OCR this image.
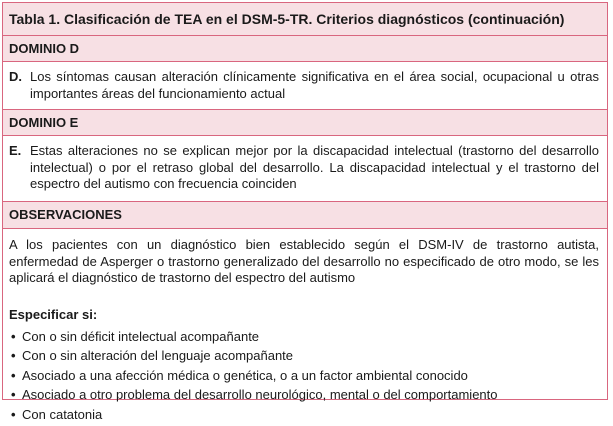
Tabla 1. Clasificación de TEA en el DSM-5-TR. Criterios diagnósticos (continuación)
DOMINIO D
D. Los síntomas causan alteración clínicamente significativa en el área social, ocupacional u otras importantes áreas del funcionamiento actual
DOMINIO E
E. Estas alteraciones no se explican mejor por la discapacidad intelectual (trastorno del desarrollo intelectual) o por el retraso global del desarrollo. La discapacidad intelectual y el trastorno del espectro del autismo con frecuencia coinciden
OBSERVACIONES
A los pacientes con un diagnóstico bien establecido según el DSM-IV de trastorno autista, enfermedad de Asperger o trastorno generalizado del desarrollo no especificado de otro modo, se les aplicará el diagnóstico de trastorno del espectro del autismo
Especificar si:
• Con o sin déficit intelectual acompañante
• Con o sin alteración del lenguaje acompañante
• Asociado a una afección médica o genética, o a un factor ambiental conocido
• Asociado a otro problema del desarrollo neurológico, mental o del comportamiento
• Con catatonia
